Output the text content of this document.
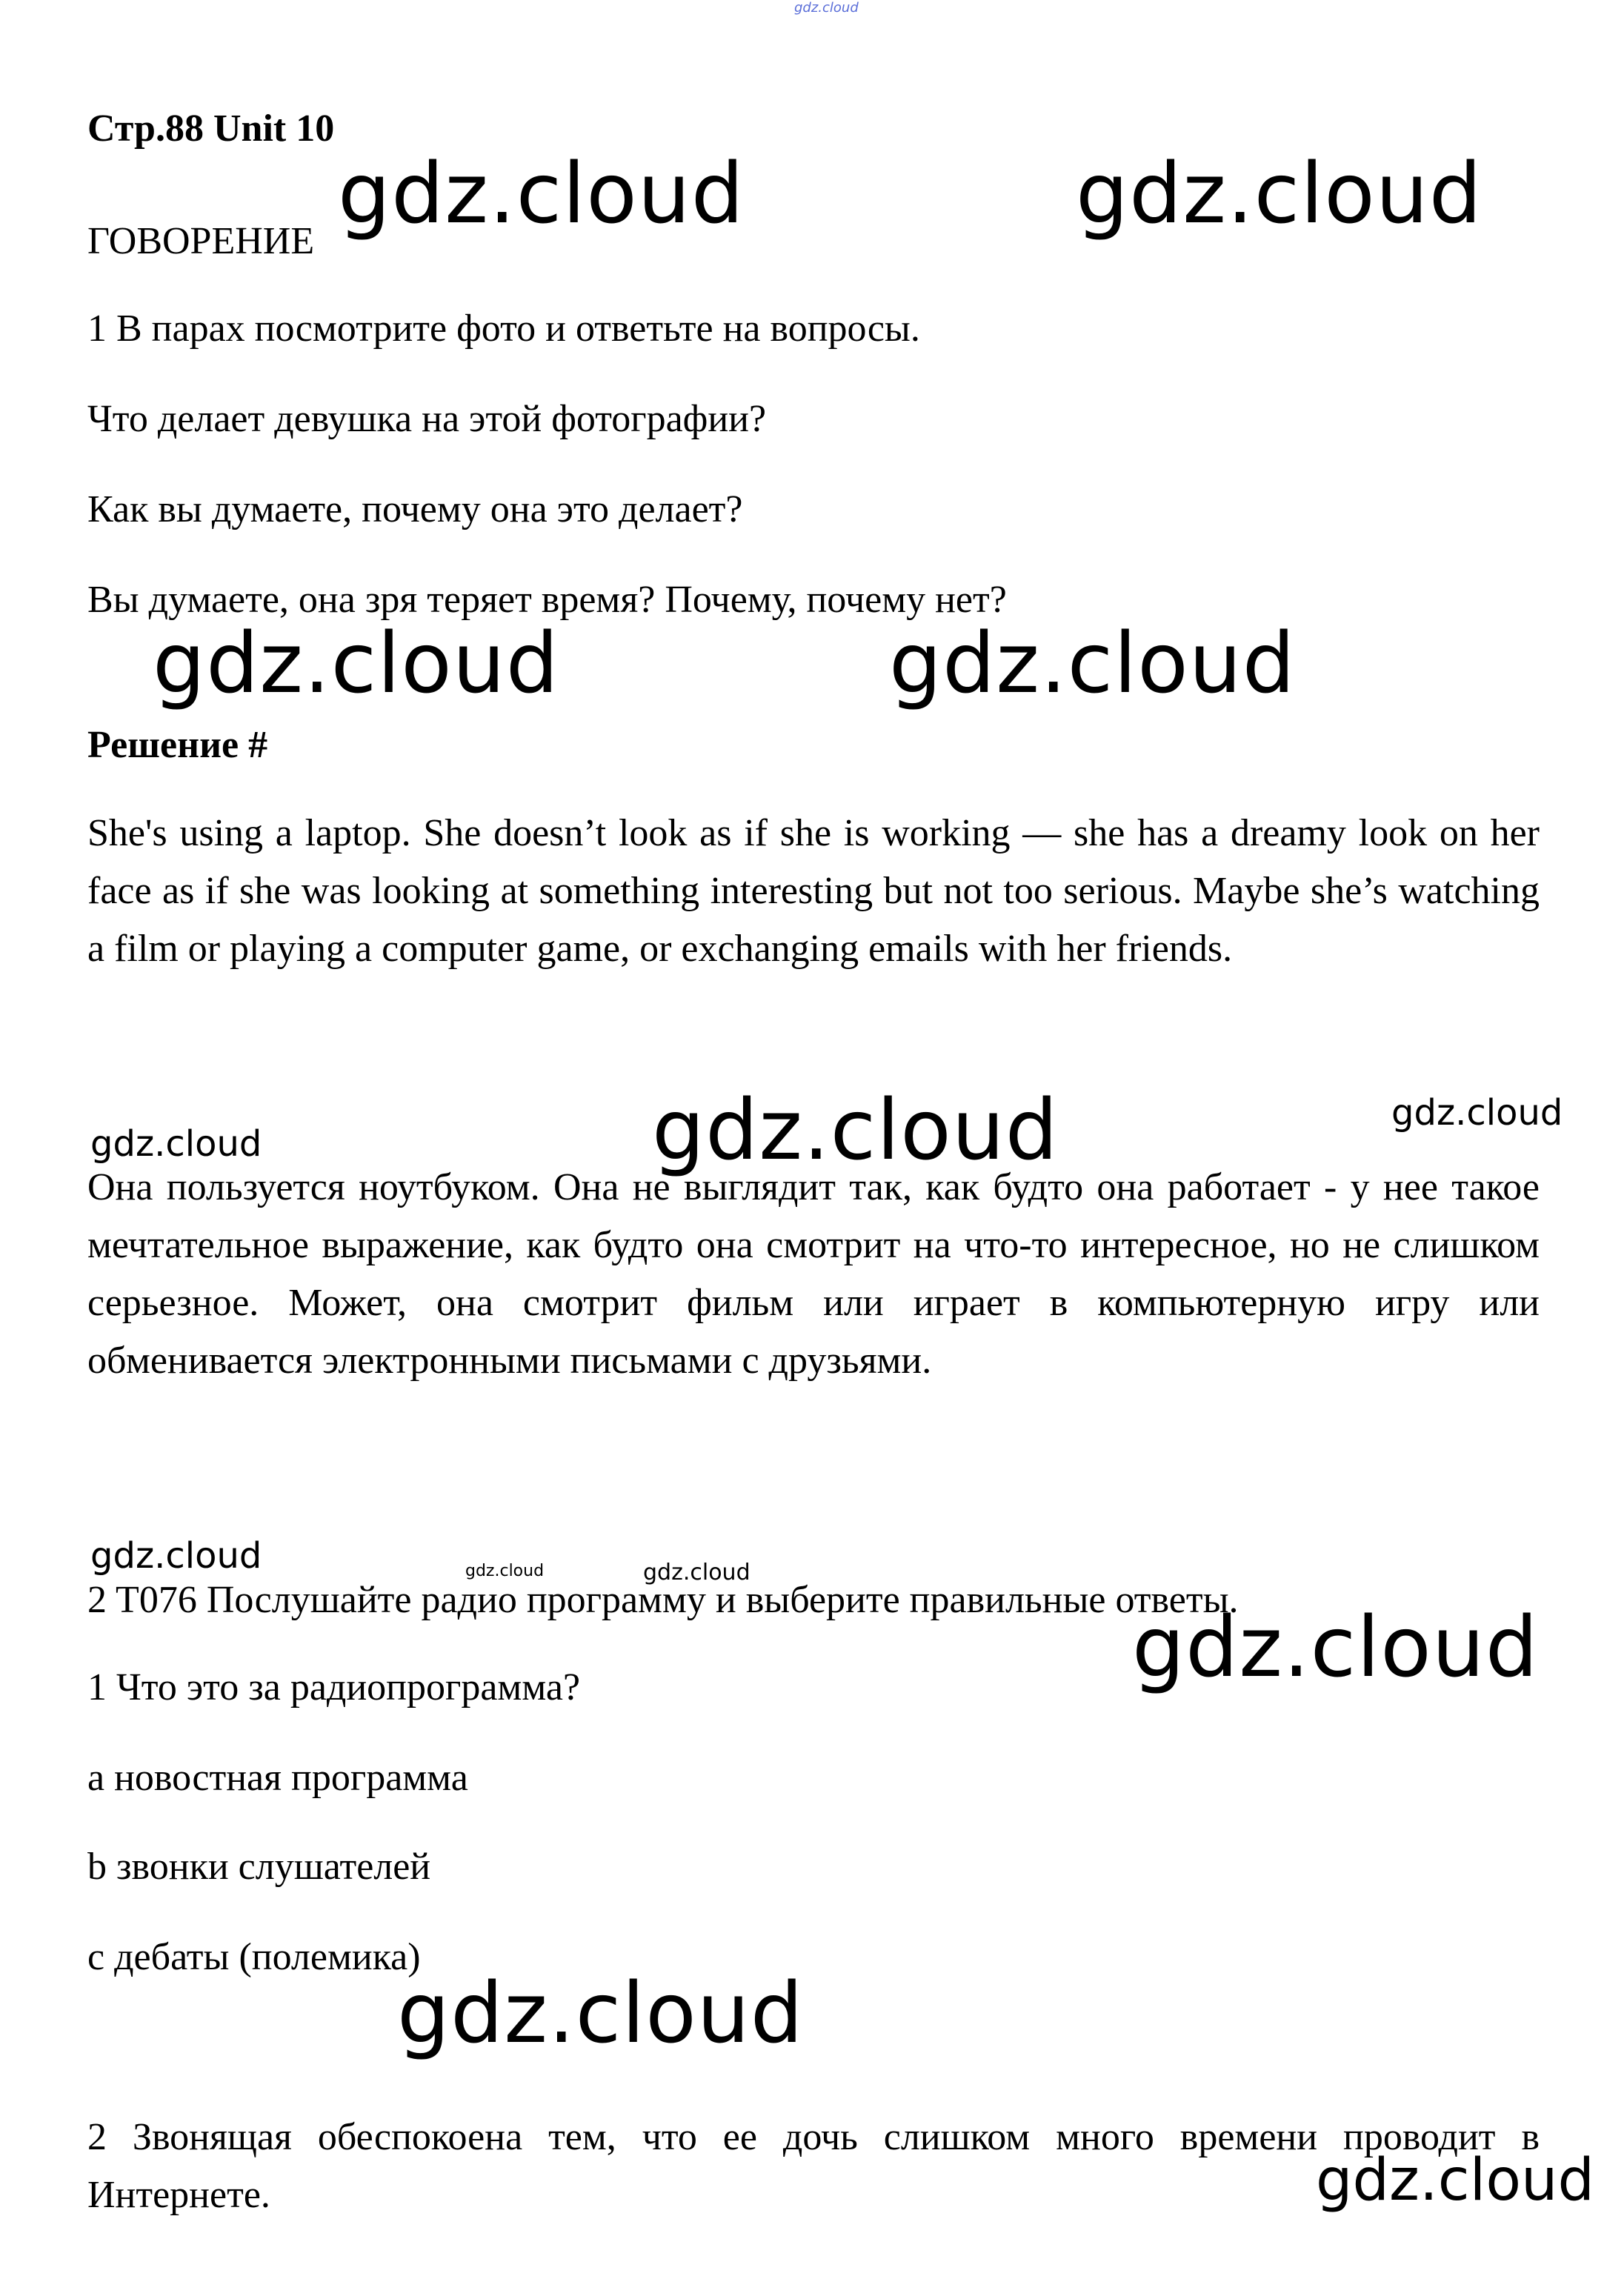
gdz.cloud
Стр.88 Unit 10
gdz.cloud	gdz.cloud
ГОВОРЕНИЕ
1 В парах посмотрите фото и ответьте на вопросы.
Что делает девушка на этой фотографии?
Как вы думаете, почему она это делает?
Вы думаете, она зря теряет время? Почему, почему нет?
gdz.cloud	gdz.cloud
Решение #
She's using a laptop. She doesn’t look as if she is working — she has a dreamy look on her face as if she was looking at something interesting but not too serious. Maybe she’s watching a film or playing a computer game, or exchanging emails with her friends.
gdz.cloud
gdz.cloud
gdz.cloud
Она пользуется ноутбуком. Она не выглядит так, как будто она работает - у нее такое мечтательное выражение, как будто она смотрит на что-то интересное, но не слишком серьезное. Может, она смотрит фильм или играет в компьютерную игру или обменивается электронными письмами с друзьями.
gdz.cloud	gdz.cloud	gdz.cloud
2 T076 Послушайте радио программу и выберите правильные ответы.
gdz.cloud
1 Что это за радиопрограмма?
a новостная программа
b звонки слушателей
c дебаты (полемика)
gdz.cloud
2 Звонящая обеспокоена тем, что ее дочь слишком много времени проводит в Интернете.	gdz.cloud
